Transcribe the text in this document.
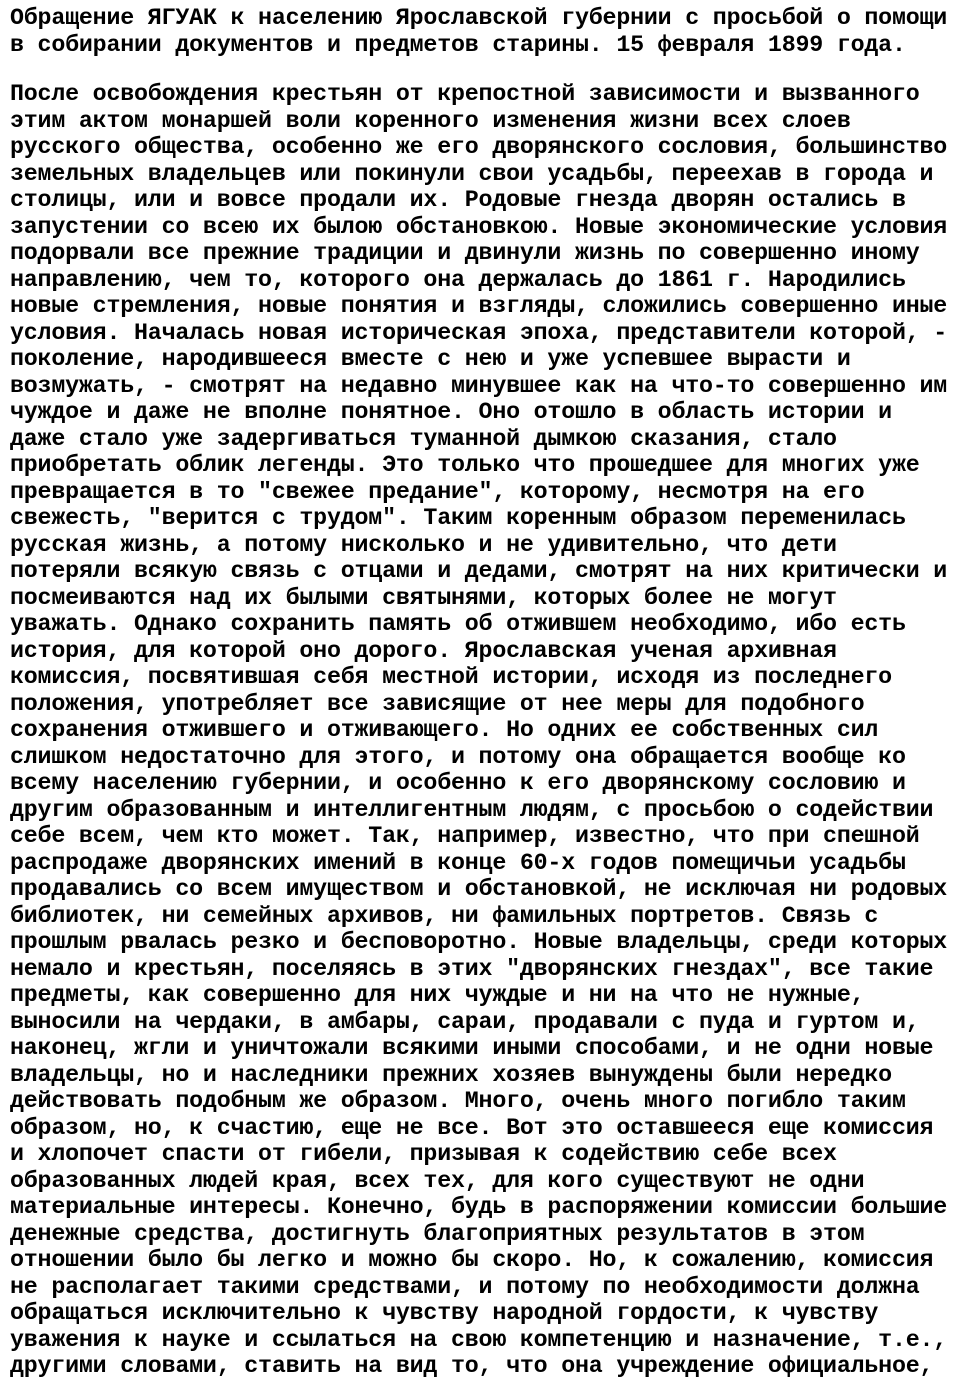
Обращение ЯГУАК к населению Ярославской губернии с просьбой о помощи
в собирании документов и предметов старины. 15 февраля 1899 года.
После освобождения крестьян от крепостной зависимости и вызванного
этим актом монаршей воли коренного изменения жизни всех слоев
русского общества, особенно же его дворянского сословия, большинство
земельных владельцев или покинули свои усадьбы, переехав в города и
столицы, или и вовсе продали их. Родовые гнезда дворян остались в
запустении со всею их былою обстановкою. Новые экономические условия
подорвали все прежние традиции и двинули жизнь по совершенно иному
направлению, чем то, которого она держалась до 1861 г. Народились
новые стремления, новые понятия и взгляды, сложились совершенно иные
условия. Началась новая историческая эпоха, представители которой, -
поколение, народившееся вместе с нею и уже успевшее вырасти и
возмужать, - смотрят на недавно минувшее как на что-то совершенно им
чуждое и даже не вполне понятное. Оно отошло в область истории и
даже стало уже задергиваться туманной дымкою сказания, стало
приобретать облик легенды. Это только что прошедшее для многих уже
превращается в то "свежее предание", которому, несмотря на его
свежесть, "верится с трудом". Таким коренным образом переменилась
русская жизнь, а потому нисколько и не удивительно, что дети
потеряли всякую связь с отцами и дедами, смотрят на них критически и
посмеиваются над их былыми святынями, которых более не могут
уважать. Однако сохранить память об отжившем необходимо, ибо есть
история, для которой оно дорого. Ярославская ученая архивная
комиссия, посвятившая себя местной истории, исходя из последнего
положения, употребляет все зависящие от нее меры для подобного
сохранения отжившего и отживающего. Но одних ее собственных сил
слишком недостаточно для этого, и потому она обращается вообще ко
всему населению губернии, и особенно к его дворянскому сословию и
другим образованным и интеллигентным людям, с просьбою о содействии
себе всем, чем кто может. Так, например, известно, что при спешной
распродаже дворянских имений в конце 60-х годов помещичьи усадьбы
продавались со всем имуществом и обстановкой, не исключая ни родовых
библиотек, ни семейных архивов, ни фамильных портретов. Связь с
прошлым рвалась резко и бесповоротно. Новые владельцы, среди которых
немало и крестьян, поселяясь в этих "дворянских гнездах", все такие
предметы, как совершенно для них чуждые и ни на что не нужные,
выносили на чердаки, в амбары, сараи, продавали с пуда и гуртом и,
наконец, жгли и уничтожали всякими иными способами, и не одни новые
владельцы, но и наследники прежних хозяев вынуждены были нередко
действовать подобным же образом. Много, очень много погибло таким
образом, но, к счастию, еще не все. Вот это оставшееся еще комиссия
и хлопочет спасти от гибели, призывая к содействию себе всех
образованных людей края, всех тех, для кого существуют не одни
материальные интересы. Конечно, будь в распоряжении комиссии большие
денежные средства, достигнуть благоприятных результатов в этом
отношении было бы легко и можно бы скоро. Но, к сожалению, комиссия
не располагает такими средствами, и потому по необходимости должна
обращаться исключительно к чувству народной гордости, к чувству
уважения к науке и ссылаться на свою компетенцию и назначение, т.е.,
другими словами, ставить на вид то, что она учреждение официальное,
